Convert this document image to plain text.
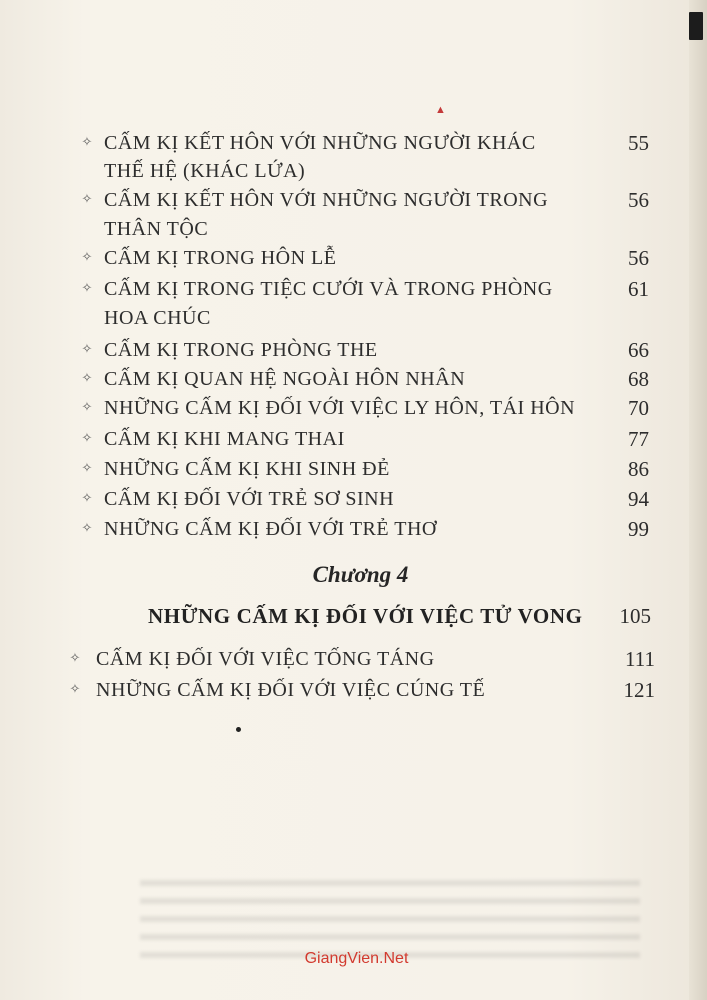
▲
✧ CẤM KỊ KẾT HÔN VỚI NHỮNG NGƯỜI KHÁC	55
THẾ HỆ (KHÁC LỨA)
✧ CẤM KỊ KẾT HÔN VỚI NHỮNG NGƯỜI TRONG	56
THÂN TỘC
✧ CẤM KỊ TRONG HÔN LỄ	56
✧ CẤM KỊ TRONG TIỆC CƯỚI VÀ TRONG PHÒNG	61
HOA CHÚC
✧ CẤM KỊ TRONG PHÒNG THE	66
✧ CẤM KỊ QUAN HỆ NGOÀI HÔN NHÂN	68
✧ NHỮNG CẤM KỊ ĐỐI VỚI VIỆC LY HÔN, TÁI HÔN	70
✧ CẤM KỊ KHI MANG THAI	77
✧ NHỮNG CẤM KỊ KHI SINH ĐẺ	86
✧ CẤM KỊ ĐỐI VỚI TRẺ SƠ SINH	94
✧ NHỮNG CẤM KỊ ĐỐI VỚI TRẺ THƠ	99
Chương 4
NHỮNG CẤM KỊ ĐỐI VỚI VIỆC TỬ VONG	105
✧ CẤM KỊ ĐỐI VỚI VIỆC TỐNG TÁNG	111
✧ NHỮNG CẤM KỊ ĐỐI VỚI VIỆC CÚNG TẾ	121
GiangVien.Net
